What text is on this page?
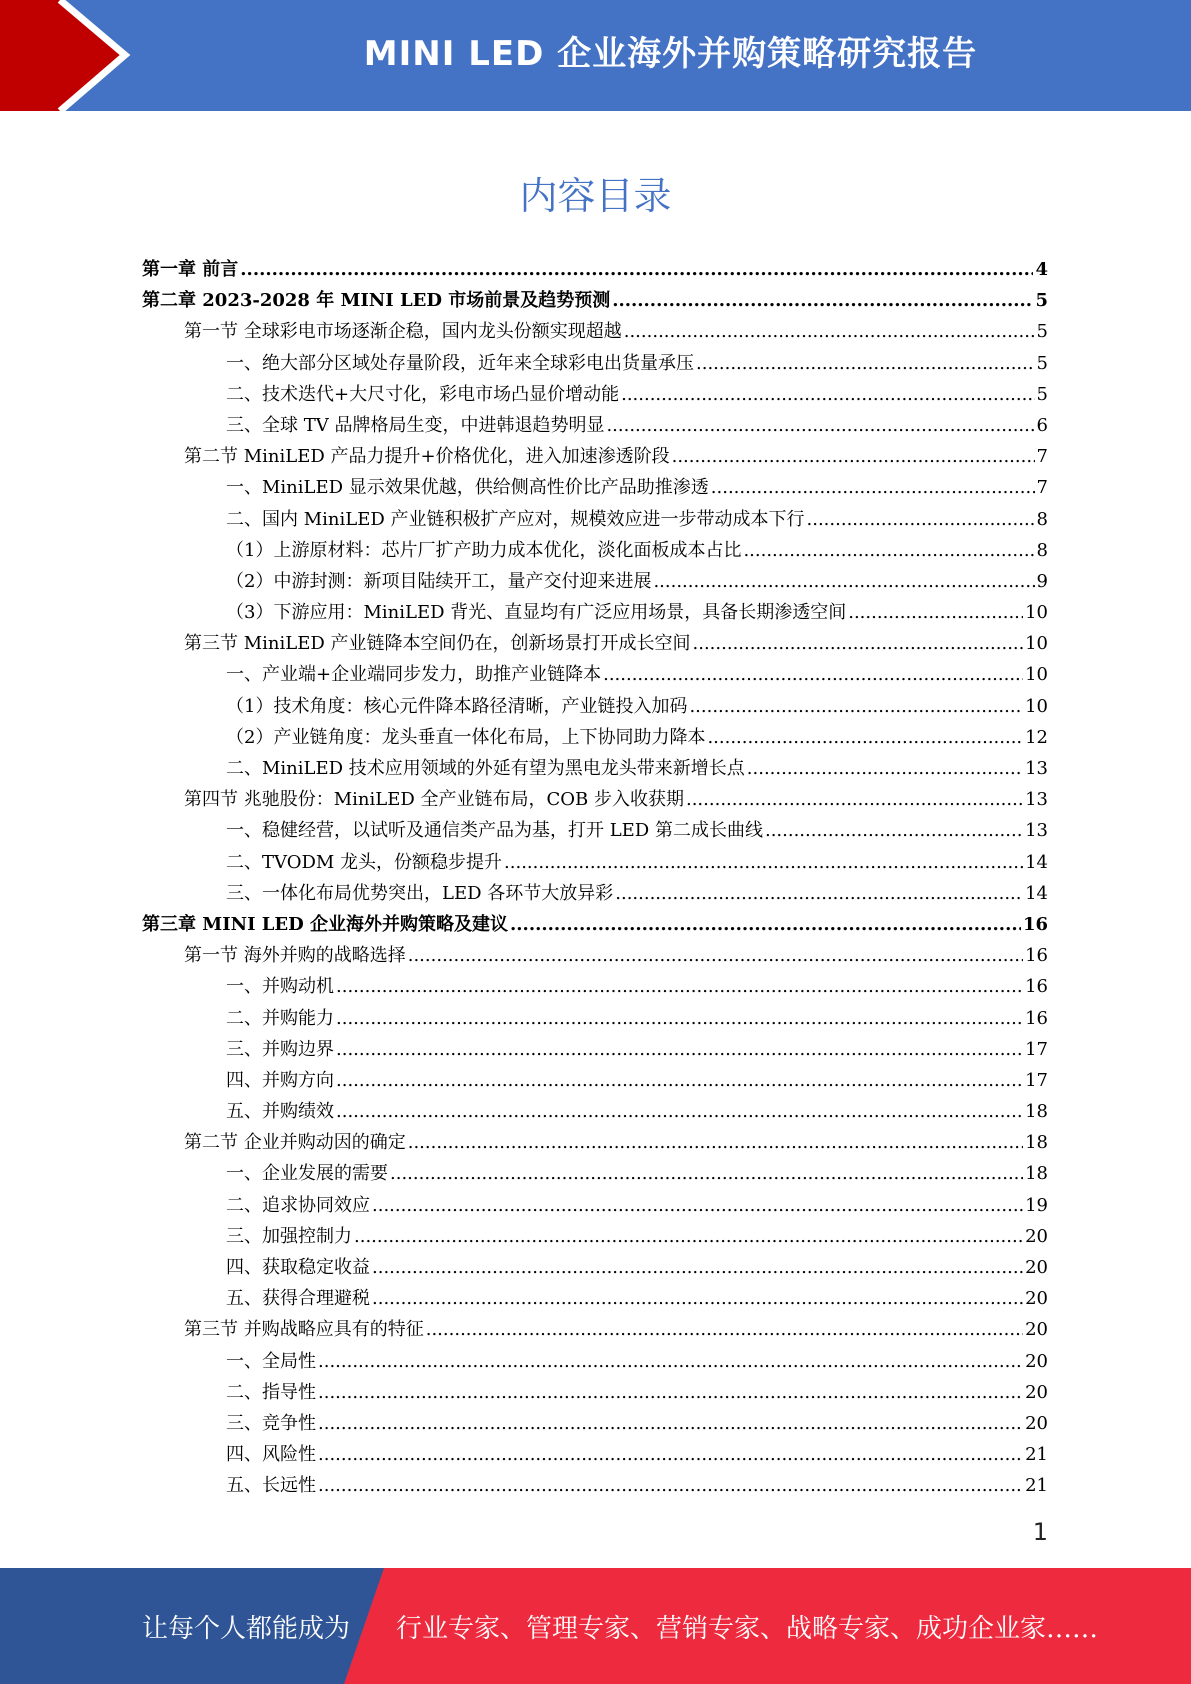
MINI LED 企业海外并购策略研究报告
内容目录
第一章 前言 .....	4
第二章 2023-2028 年 MINI LED 市场前景及趋势预测 .....	5
第一节 全球彩电市场逐渐企稳，国内龙头份额实现超越 .....	5
一、绝大部分区域处存量阶段，近年来全球彩电出货量承压 .....	5
二、技术迭代+大尺寸化，彩电市场凸显价增动能 .....	5
三、全球 TV 品牌格局生变，中进韩退趋势明显 .....	6
第二节 MiniLED 产品力提升+价格优化，进入加速渗透阶段 .....	7
一、MiniLED 显示效果优越，供给侧高性价比产品助推渗透 .....	7
二、国内 MiniLED 产业链积极扩产应对，规模效应进一步带动成本下行 .....	8
（1）上游原材料：芯片厂扩产助力成本优化，淡化面板成本占比 .....	8
（2）中游封测：新项目陆续开工，量产交付迎来进展 .....	9
（3）下游应用：MiniLED 背光、直显均有广泛应用场景，具备长期渗透空间 .....	10
第三节 MiniLED 产业链降本空间仍在，创新场景打开成长空间 .....	10
一、产业端+企业端同步发力，助推产业链降本 .....	10
（1）技术角度：核心元件降本路径清晰，产业链投入加码 .....	10
（2）产业链角度：龙头垂直一体化布局，上下协同助力降本 .....	12
二、MiniLED 技术应用领域的外延有望为黑电龙头带来新增长点 .....	13
第四节 兆驰股份：MiniLED 全产业链布局，COB 步入收获期 .....	13
一、稳健经营，以试听及通信类产品为基，打开 LED 第二成长曲线 .....	13
二、TVODM 龙头，份额稳步提升 .....	14
三、一体化布局优势突出，LED 各环节大放异彩 .....	14
第三章 MINI LED 企业海外并购策略及建议 .....	16
第一节 海外并购的战略选择 .....	16
一、并购动机 .....	16
二、并购能力 .....	16
三、并购边界 .....	17
四、并购方向 .....	17
五、并购绩效 .....	18
第二节 企业并购动因的确定 .....	18
一、企业发展的需要 .....	18
二、追求协同效应 .....	19
三、加强控制力 .....	20
四、获取稳定收益 .....	20
五、获得合理避税 .....	20
第三节 并购战略应具有的特征 .....	20
一、全局性 .....	20
二、指导性 .....	20
三、竞争性 .....	20
四、风险性 .....	21
五、长远性 .....	21
1
让每个人都能成为 行业专家、管理专家、营销专家、战略专家、成功企业家……
